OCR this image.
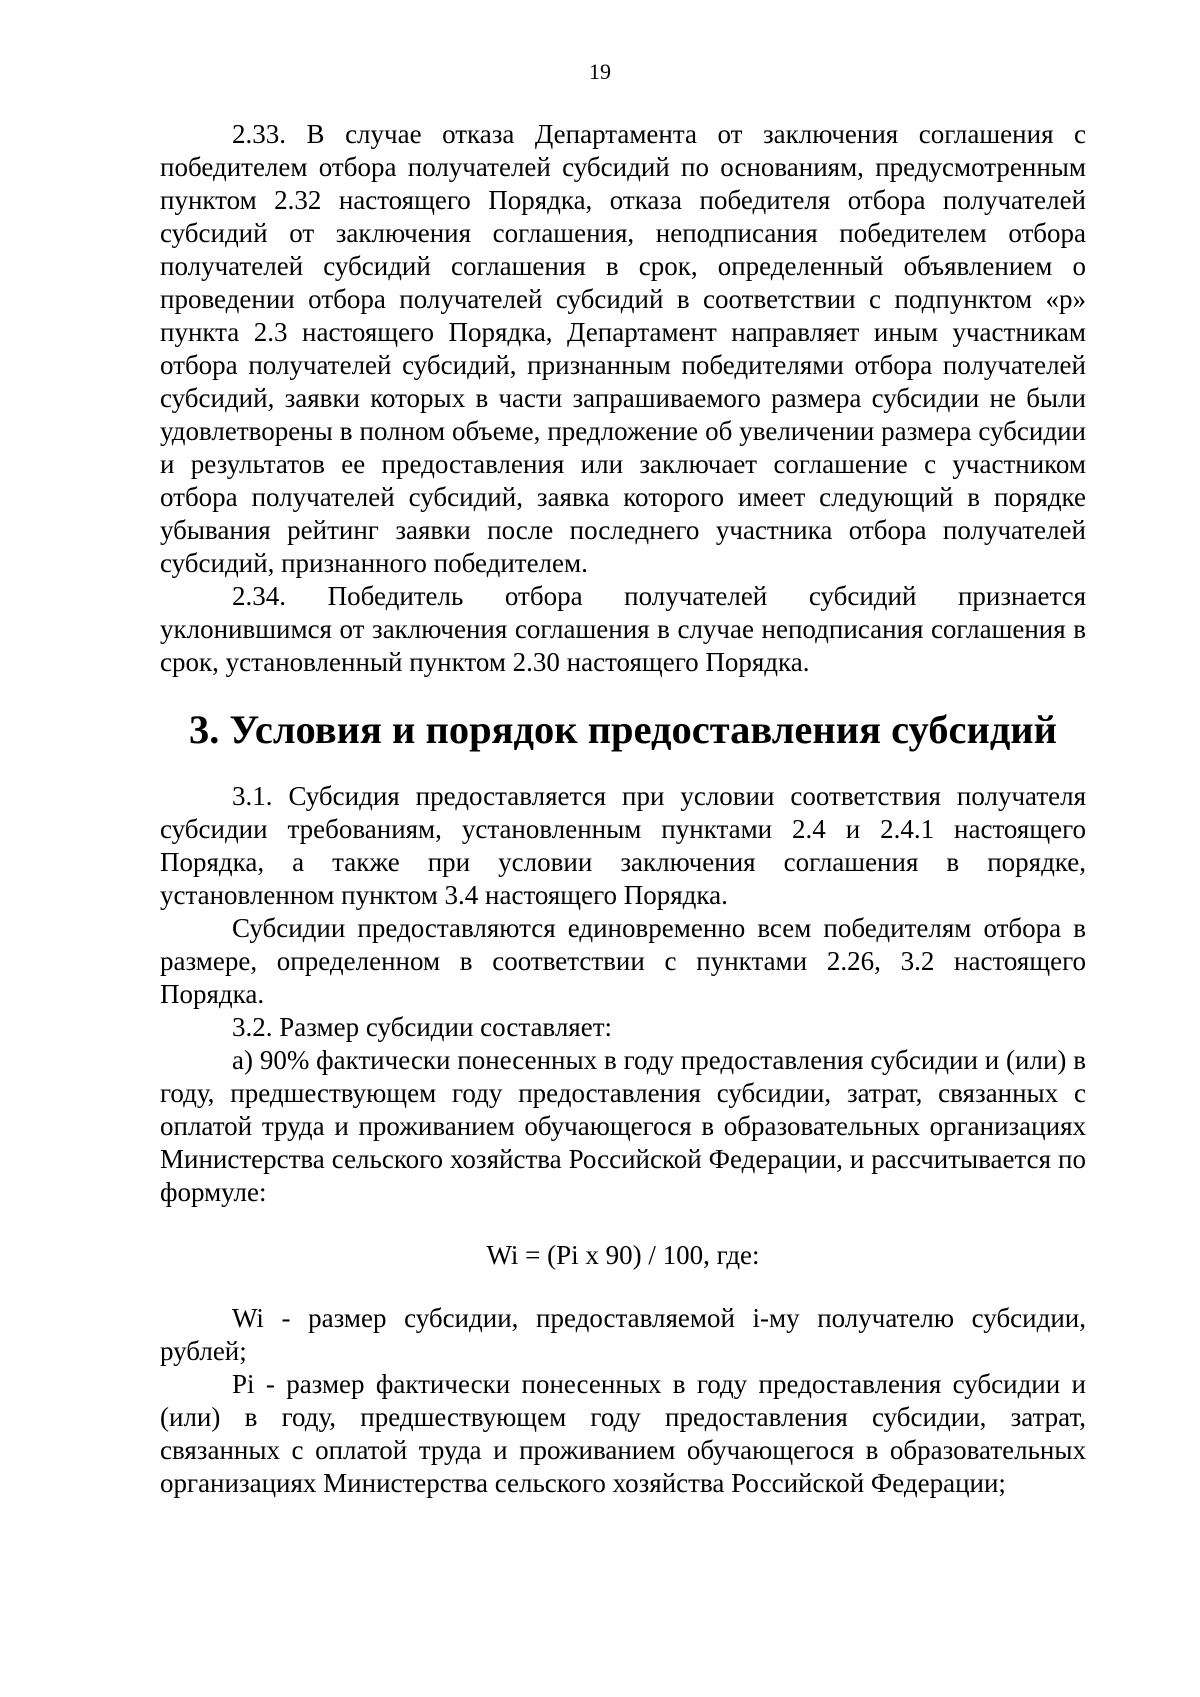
19

2.33. В случае отказа Департамента от заключения соглашения с победителем отбора получателей субсидий по основаниям, предусмотренным пунктом 2.32 настоящего Порядка, отказа победителя отбора получателей субсидий от заключения соглашения, неподписания победителем отбора получателей субсидий соглашения в срок, определенный объявлением о проведении отбора получателей субсидий в соответствии с подпунктом «р» пункта 2.3 настоящего Порядка, Департамент направляет иным участникам отбора получателей субсидий, признанным победителями отбора получателей субсидий, заявки которых в части запрашиваемого размера субсидии не были удовлетворены в полном объеме, предложение об увеличении размера субсидии и результатов ее предоставления или заключает соглашение с участником отбора получателей субсидий, заявка которого имеет следующий в порядке убывания рейтинг заявки после последнего участника отбора получателей субсидий, признанного победителем.

2.34. Победитель отбора получателей субсидий признается уклонившимся от заключения соглашения в случае неподписания соглашения в срок, установленный пунктом 2.30 настоящего Порядка.

3. Условия и порядок предоставления субсидий

3.1. Субсидия предоставляется при условии соответствия получателя субсидии требованиям, установленным пунктами 2.4 и 2.4.1 настоящего Порядка, а также при условии заключения соглашения в порядке, установленном пунктом 3.4 настоящего Порядка.

Субсидии предоставляются единовременно всем победителям отбора в размере, определенном в соответствии с пунктами 2.26, 3.2 настоящего Порядка.

3.2. Размер субсидии составляет:

а) 90% фактически понесенных в году предоставления субсидии и (или) в году, предшествующем году предоставления субсидии, затрат, связанных с оплатой труда и проживанием обучающегося в образовательных организациях Министерства сельского хозяйства Российской Федерации, и рассчитывается по формуле:

Wi = (Pi x 90) / 100, где:

Wi - размер субсидии, предоставляемой i-му получателю субсидии, рублей;

Pi - размер фактически понесенных в году предоставления субсидии и (или) в году, предшествующем году предоставления субсидии, затрат, связанных с оплатой труда и проживанием обучающегося в образовательных организациях Министерства сельского хозяйства Российской Федерации;
